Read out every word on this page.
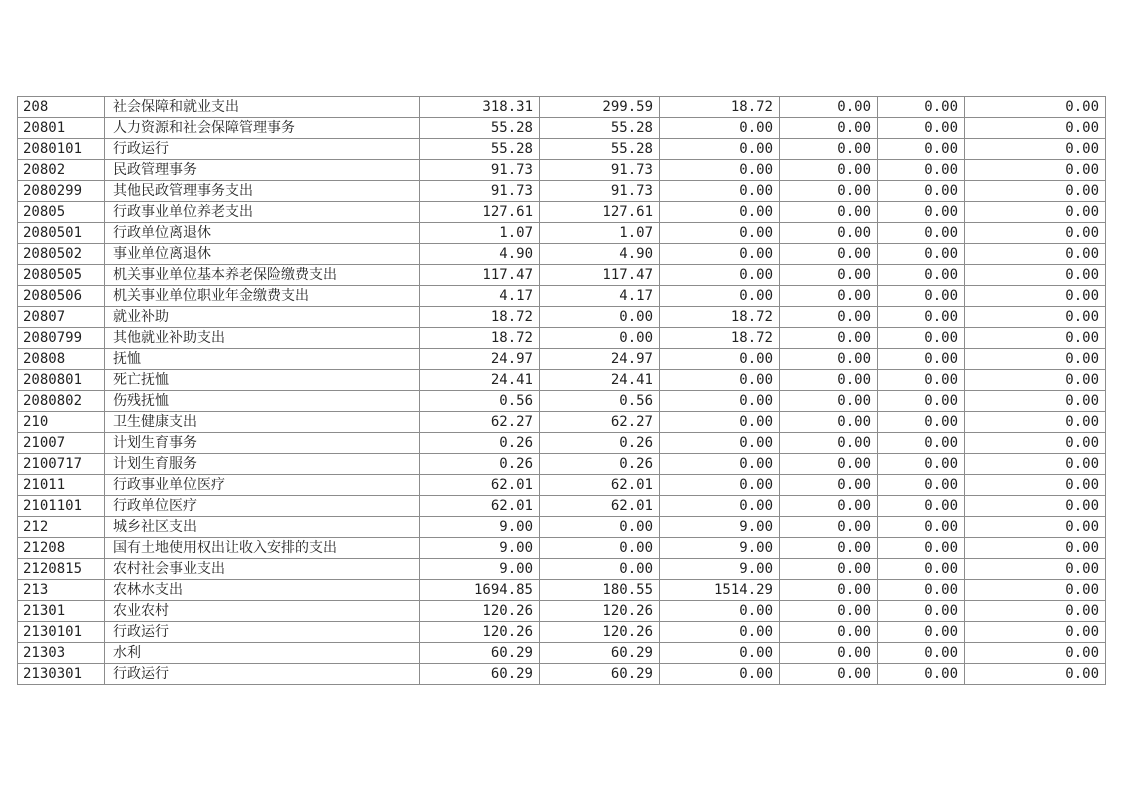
208	社会保障和就业支出	318.31	299.59	18.72	0.00	0.00	0.00
20801	人力资源和社会保障管理事务	55.28	55.28	0.00	0.00	0.00	0.00
2080101	行政运行	55.28	55.28	0.00	0.00	0.00	0.00
20802	民政管理事务	91.73	91.73	0.00	0.00	0.00	0.00
2080299	其他民政管理事务支出	91.73	91.73	0.00	0.00	0.00	0.00
20805	行政事业单位养老支出	127.61	127.61	0.00	0.00	0.00	0.00
2080501	行政单位离退休	1.07	1.07	0.00	0.00	0.00	0.00
2080502	事业单位离退休	4.90	4.90	0.00	0.00	0.00	0.00
2080505	机关事业单位基本养老保险缴费支出	117.47	117.47	0.00	0.00	0.00	0.00
2080506	机关事业单位职业年金缴费支出	4.17	4.17	0.00	0.00	0.00	0.00
20807	就业补助	18.72	0.00	18.72	0.00	0.00	0.00
2080799	其他就业补助支出	18.72	0.00	18.72	0.00	0.00	0.00
20808	抚恤	24.97	24.97	0.00	0.00	0.00	0.00
2080801	死亡抚恤	24.41	24.41	0.00	0.00	0.00	0.00
2080802	伤残抚恤	0.56	0.56	0.00	0.00	0.00	0.00
210	卫生健康支出	62.27	62.27	0.00	0.00	0.00	0.00
21007	计划生育事务	0.26	0.26	0.00	0.00	0.00	0.00
2100717	计划生育服务	0.26	0.26	0.00	0.00	0.00	0.00
21011	行政事业单位医疗	62.01	62.01	0.00	0.00	0.00	0.00
2101101	行政单位医疗	62.01	62.01	0.00	0.00	0.00	0.00
212	城乡社区支出	9.00	0.00	9.00	0.00	0.00	0.00
21208	国有土地使用权出让收入安排的支出	9.00	0.00	9.00	0.00	0.00	0.00
2120815	农村社会事业支出	9.00	0.00	9.00	0.00	0.00	0.00
213	农林水支出	1694.85	180.55	1514.29	0.00	0.00	0.00
21301	农业农村	120.26	120.26	0.00	0.00	0.00	0.00
2130101	行政运行	120.26	120.26	0.00	0.00	0.00	0.00
21303	水利	60.29	60.29	0.00	0.00	0.00	0.00
2130301	行政运行	60.29	60.29	0.00	0.00	0.00	0.00
